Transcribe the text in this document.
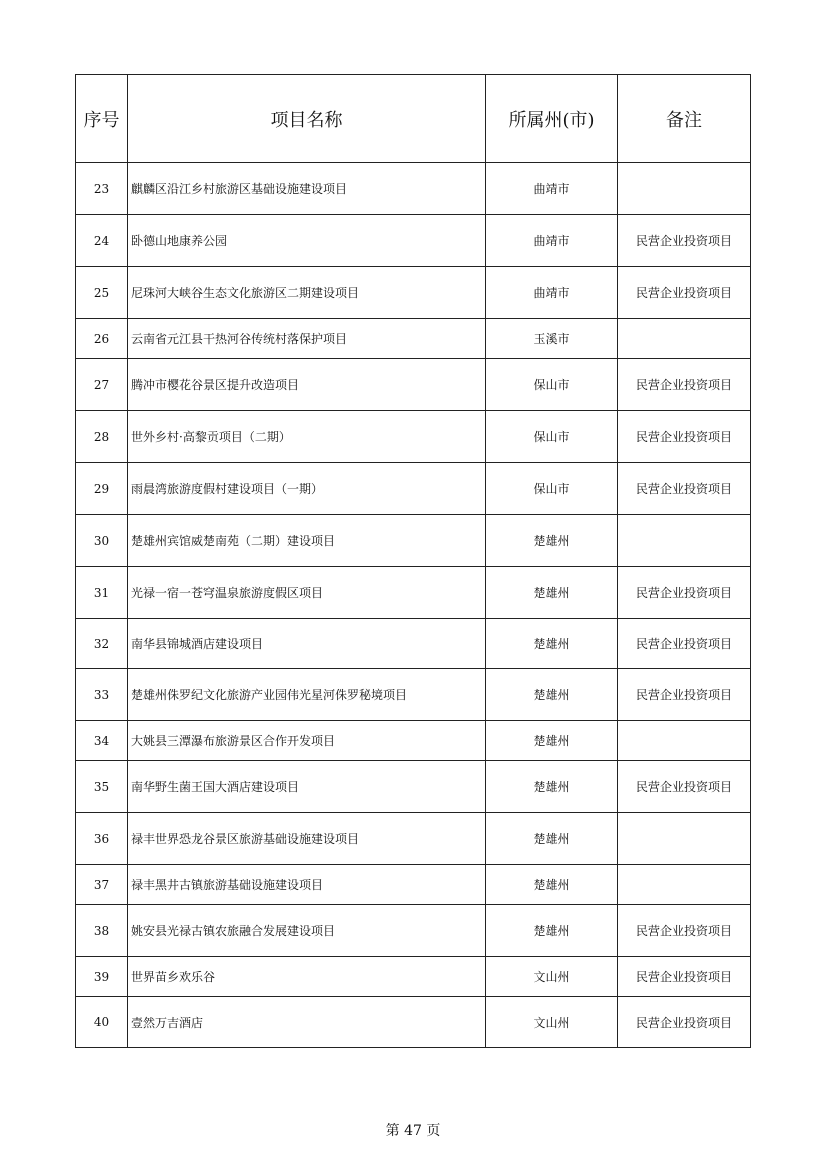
序号	项目名称	所属州(市)	备注
23	麒麟区沿江乡村旅游区基础设施建设项目	曲靖市	
24	卧德山地康养公园	曲靖市	民营企业投资项目
25	尼珠河大峡谷生态文化旅游区二期建设项目	曲靖市	民营企业投资项目
26	云南省元江县干热河谷传统村落保护项目	玉溪市	
27	腾冲市樱花谷景区提升改造项目	保山市	民营企业投资项目
28	世外乡村·高黎贡项目（二期）	保山市	民营企业投资项目
29	雨晨湾旅游度假村建设项目（一期）	保山市	民营企业投资项目
30	楚雄州宾馆威楚南苑（二期）建设项目	楚雄州	
31	光禄一宿一苍穹温泉旅游度假区项目	楚雄州	民营企业投资项目
32	南华县锦城酒店建设项目	楚雄州	民营企业投资项目
33	楚雄州侏罗纪文化旅游产业园伟光星河侏罗秘境项目	楚雄州	民营企业投资项目
34	大姚县三潭瀑布旅游景区合作开发项目	楚雄州	
35	南华野生菌王国大酒店建设项目	楚雄州	民营企业投资项目
36	禄丰世界恐龙谷景区旅游基础设施建设项目	楚雄州	
37	禄丰黑井古镇旅游基础设施建设项目	楚雄州	
38	姚安县光禄古镇农旅融合发展建设项目	楚雄州	民营企业投资项目
39	世界苗乡欢乐谷	文山州	民营企业投资项目
40	壹然万吉酒店	文山州	民营企业投资项目
第 47 页
